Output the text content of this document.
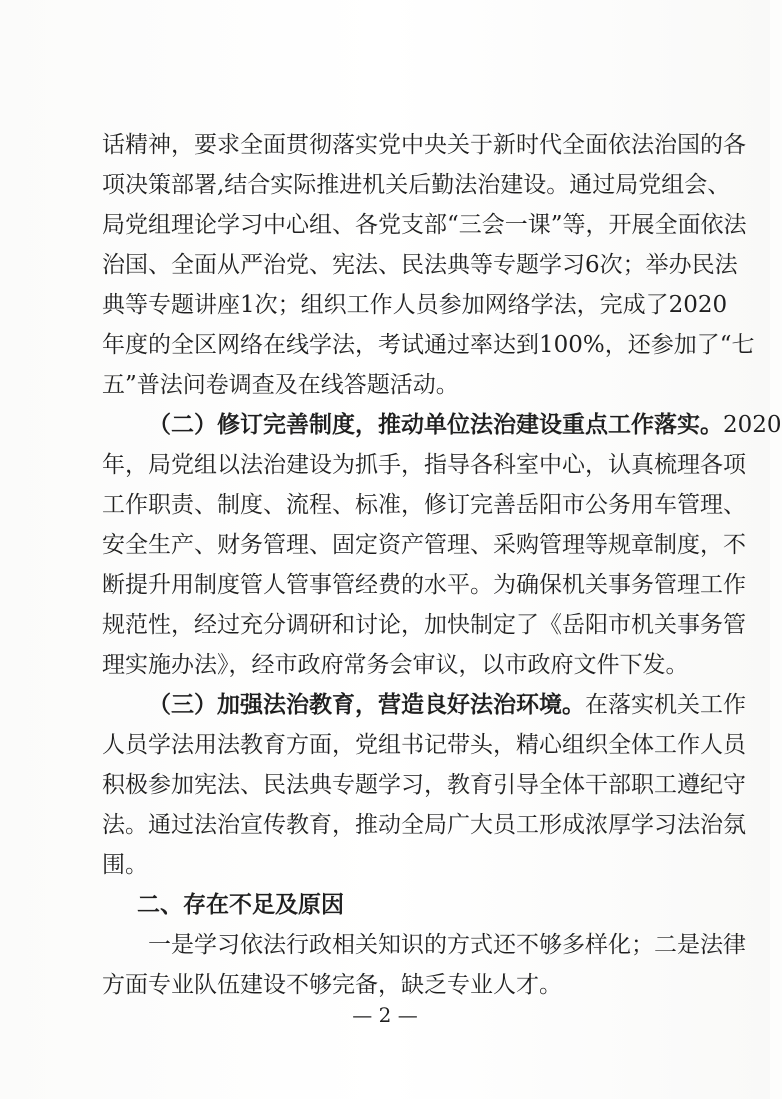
话精神，要求全面贯彻落实党中央关于新时代全面依法治国的各
项决策部署,结合实际推进机关后勤法治建设。通过局党组会、
局党组理论学习中心组、各党支部“三会一课”等，开展全面依法
治国、全面从严治党、宪法、民法典等专题学习6次；举办民法
典等专题讲座1次；组织工作人员参加网络学法，完成了2020
年度的全区网络在线学法，考试通过率达到100%，还参加了“七
五”普法问卷调查及在线答题活动。
（二）修订完善制度，推动单位法治建设重点工作落实。2020
年，局党组以法治建设为抓手，指导各科室中心，认真梳理各项
工作职责、制度、流程、标准，修订完善岳阳市公务用车管理、
安全生产、财务管理、固定资产管理、采购管理等规章制度，不
断提升用制度管人管事管经费的水平。为确保机关事务管理工作
规范性，经过充分调研和讨论，加快制定了《岳阳市机关事务管
理实施办法》，经市政府常务会审议，以市政府文件下发。
（三）加强法治教育，营造良好法治环境。在落实机关工作
人员学法用法教育方面，党组书记带头，精心组织全体工作人员
积极参加宪法、民法典专题学习，教育引导全体干部职工遵纪守
法。通过法治宣传教育，推动全局广大员工形成浓厚学习法治氛
围。
二、存在不足及原因
一是学习依法行政相关知识的方式还不够多样化；二是法律
方面专业队伍建设不够完备，缺乏专业人才。
— 2 —
